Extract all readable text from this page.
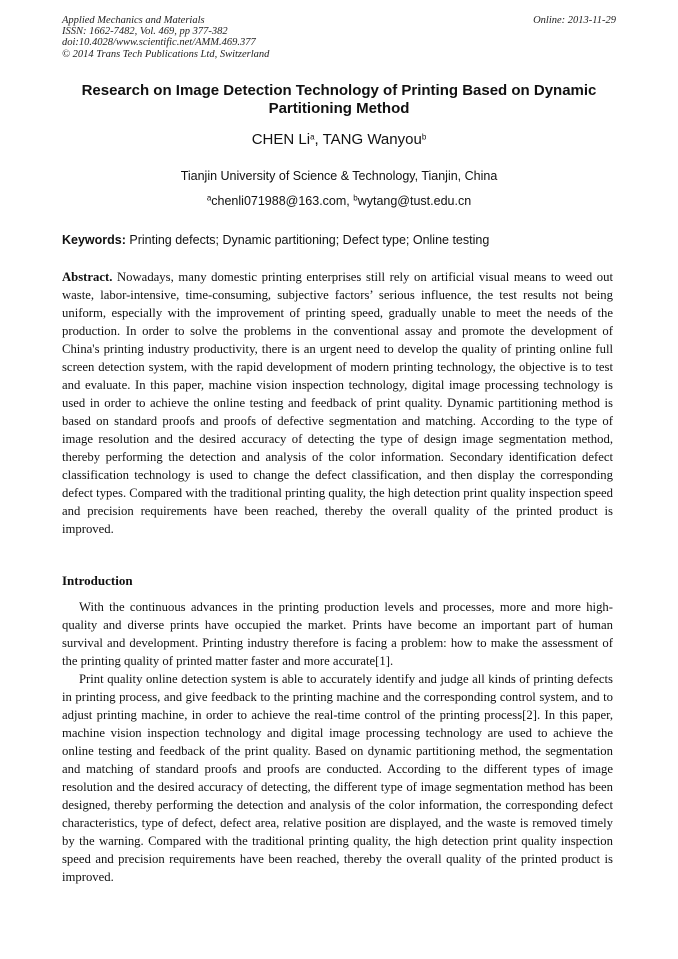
Applied Mechanics and Materials
ISSN: 1662-7482, Vol. 469, pp 377-382
doi:10.4028/www.scientific.net/AMM.469.377
© 2014 Trans Tech Publications Ltd, Switzerland
Online: 2013-11-29
Research on Image Detection Technology of Printing Based on Dynamic Partitioning Method
CHEN Li$^a$, TANG Wanyou$^b$
Tianjin University of Science & Technology, Tianjin, China
$^a$chenli071988@163.com, $^b$wytang@tust.edu.cn
Keywords: Printing defects; Dynamic partitioning; Defect type; Online testing
Abstract. Nowadays, many domestic printing enterprises still rely on artificial visual means to weed out waste, labor-intensive, time-consuming, subjective factors’ serious influence, the test results not being uniform, especially with the improvement of printing speed, gradually unable to meet the needs of the production. In order to solve the problems in the conventional assay and promote the development of China's printing industry productivity, there is an urgent need to develop the quality of printing online full screen detection system, with the rapid development of modern printing technology, the objective is to test and evaluate. In this paper, machine vision inspection technology, digital image processing technology is used in order to achieve the online testing and feedback of print quality. Dynamic partitioning method is based on standard proofs and proofs of defective segmentation and matching. According to the type of image resolution and the desired accuracy of detecting the type of design image segmentation method, thereby performing the detection and analysis of the color information. Secondary identification defect classification technology is used to change the defect classification, and then display the corresponding defect types. Compared with the traditional printing quality, the high detection print quality inspection speed and precision requirements have been reached, thereby the overall quality of the printed product is improved.
Introduction

With the continuous advances in the printing production levels and processes, more and more high-quality and diverse prints have occupied the market. Prints have become an important part of human survival and development. Printing industry therefore is facing a problem: how to make the assessment of the printing quality of printed matter faster and more accurate[1].

Print quality online detection system is able to accurately identify and judge all kinds of printing defects in printing process, and give feedback to the printing machine and the corresponding control system, and to adjust printing machine, in order to achieve the real-time control of the printing process[2]. In this paper, machine vision inspection technology and digital image processing technology are used to achieve the online testing and feedback of the print quality. Based on dynamic partitioning method, the segmentation and matching of standard proofs and proofs are conducted. According to the different types of image resolution and the desired accuracy of detecting, the different type of image segmentation method has been designed, thereby performing the detection and analysis of the color information, the corresponding defect characteristics, type of defect, defect area, relative position are displayed, and the waste is removed timely by the warning. Compared with the traditional printing quality, the high detection print quality inspection speed and precision requirements have been reached, thereby the overall quality of the printed product is improved.
